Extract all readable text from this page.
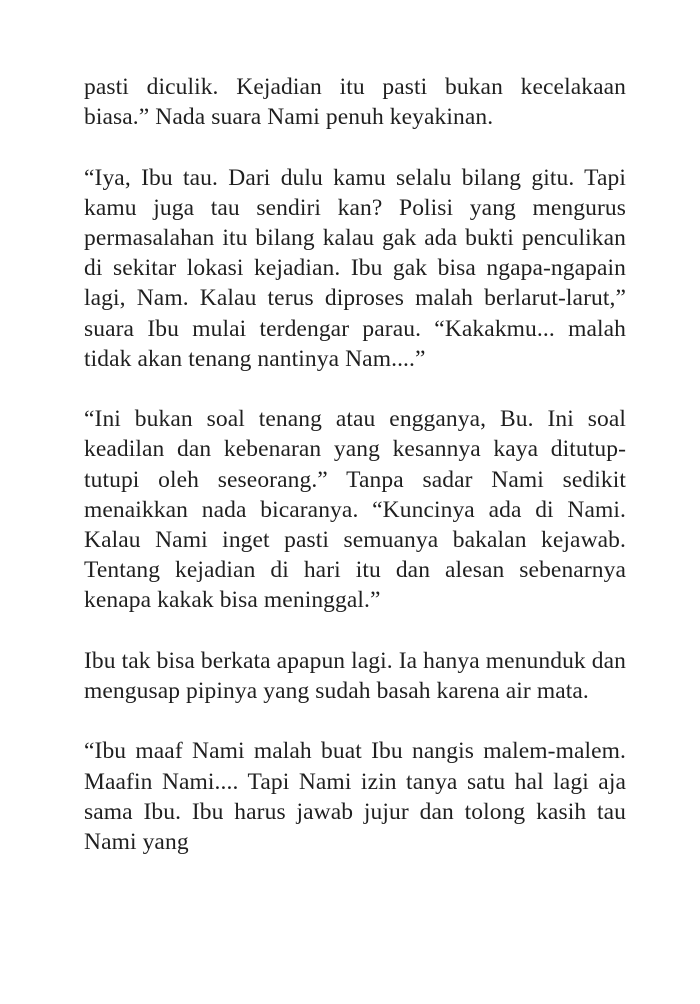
pasti diculik. Kejadian itu pasti bukan kecelakaan biasa.” Nada suara Nami penuh keyakinan.

“Iya, Ibu tau. Dari dulu kamu selalu bilang gitu. Tapi kamu juga tau sendiri kan? Polisi yang mengurus permasalahan itu bilang kalau gak ada bukti penculikan di sekitar lokasi kejadian. Ibu gak bisa ngapa-ngapain lagi, Nam. Kalau terus diproses malah berlarut-larut,” suara Ibu mulai terdengar parau. “Kakakmu... malah tidak akan tenang nantinya Nam....”

“Ini bukan soal tenang atau engganya, Bu. Ini soal keadilan dan kebenaran yang kesannya kaya ditutup-tutupi oleh seseorang.” Tanpa sadar Nami sedikit menaikkan nada bicaranya. “Kuncinya ada di Nami. Kalau Nami inget pasti semuanya bakalan kejawab. Tentang kejadian di hari itu dan alesan sebenarnya kenapa kakak bisa meninggal.”

Ibu tak bisa berkata apapun lagi. Ia hanya menunduk dan mengusap pipinya yang sudah basah karena air mata.

“Ibu maaf Nami malah buat Ibu nangis malem-malem. Maafin Nami.... Tapi Nami izin tanya satu hal lagi aja sama Ibu. Ibu harus jawab jujur dan tolong kasih tau Nami yang
